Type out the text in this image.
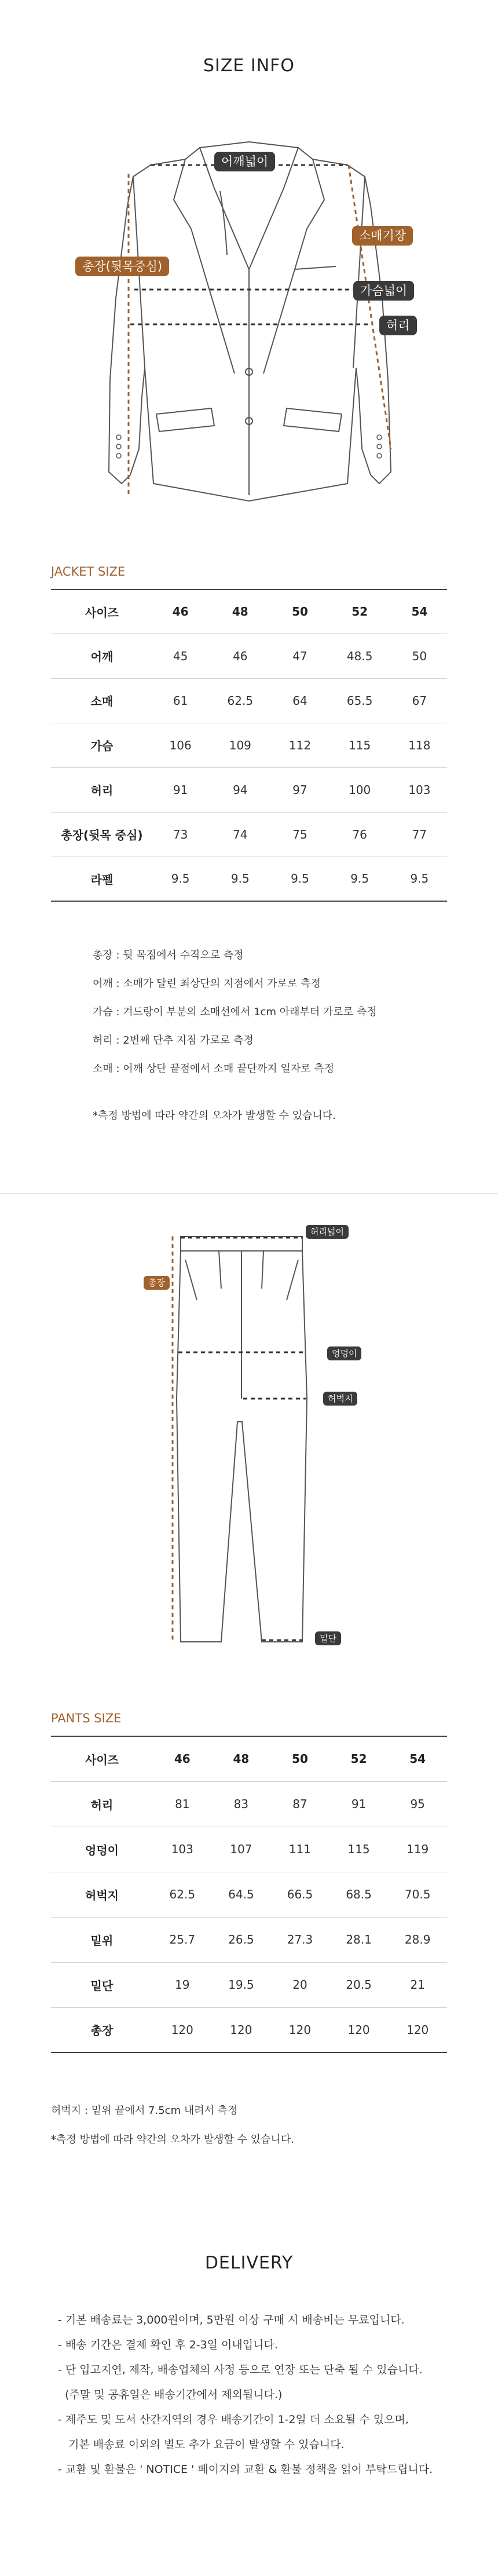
SIZE INFO
어깨넓이
소매기장
총장(뒷목중심)
가슴넓이
허리
JACKET SIZE
사이즈	46	48	50	52	54
어깨	45	46	47	48.5	50
소매	61	62.5	64	65.5	67
가슴	106	109	112	115	118
허리	91	94	97	100	103
총장(뒷목 중심)	73	74	75	76	77
라펠	9.5	9.5	9.5	9.5	9.5
총장 : 뒷 목점에서 수직으로 측정
어깨 : 소매가 달린 최상단의 지점에서 가로로 측정
가슴 : 겨드랑이 부분의 소매선에서 1cm 아래부터 가로로 측정
허리 : 2번째 단추 지점 가로로 측정
소매 : 어깨 상단 끝점에서 소매 끝단까지 일자로 측정
*측정 방법에 따라 약간의 오차가 발생할 수 있습니다.
허리넓이
총장
엉덩이
허벅지
밑단
PANTS SIZE
사이즈	46	48	50	52	54
허리	81	83	87	91	95
엉덩이	103	107	111	115	119
허벅지	62.5	64.5	66.5	68.5	70.5
밑위	25.7	26.5	27.3	28.1	28.9
밑단	19	19.5	20	20.5	21
총장	120	120	120	120	120
허벅지 : 밑위 끝에서 7.5cm 내려서 측정
*측정 방법에 따라 약간의 오차가 발생할 수 있습니다.
DELIVERY
- 기본 배송료는 3,000원이며, 5만원 이상 구매 시 배송비는 무료입니다.
- 배송 기간은 결제 확인 후 2-3일 이내입니다.
- 단 입고지연, 제작, 배송업체의 사정 등으로 연장 또는 단축 될 수 있습니다.
(주말 및 공휴일은 배송기간에서 제외됩니다.)
- 제주도 및 도서 산간지역의 경우 배송기간이 1-2일 더 소요될 수 있으며,
기본 배송료 이외의 별도 추가 요금이 발생할 수 있습니다.
- 교환 및 환불은 ' NOTICE ' 페이지의 교환 & 환불 정책을 읽어 부탁드립니다.
